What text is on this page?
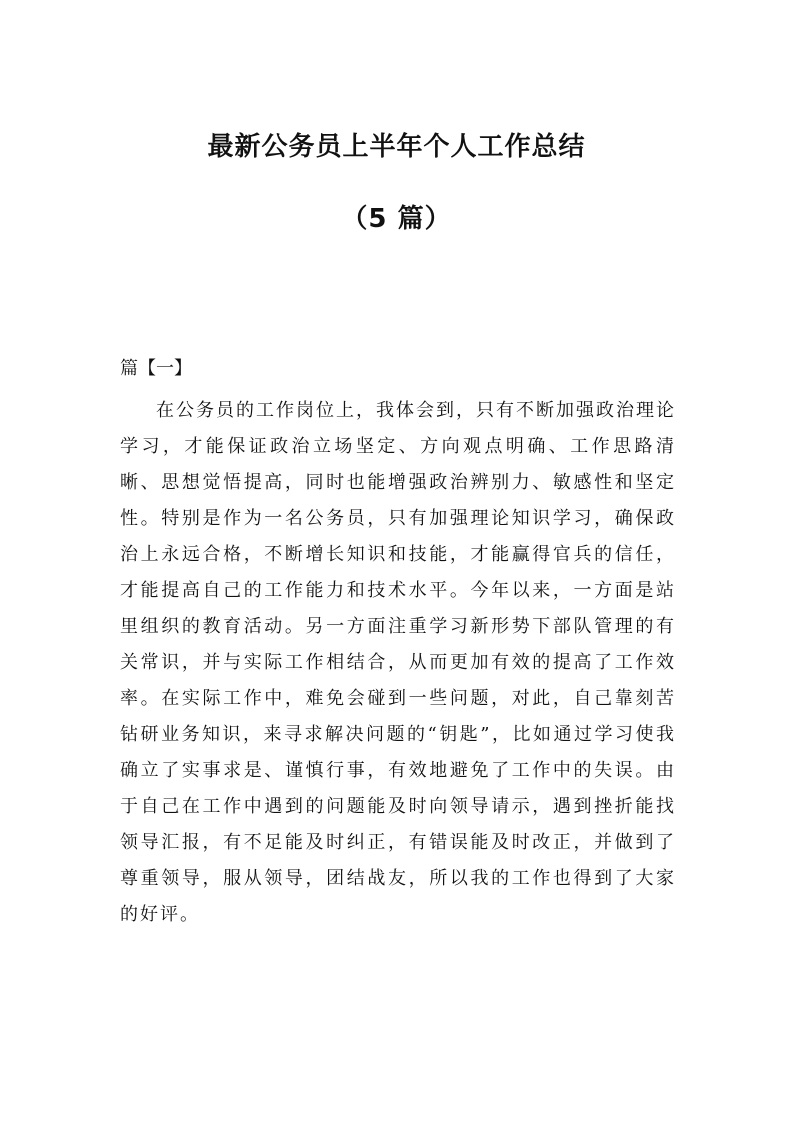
最新公务员上半年个人工作总结
（5 篇）

篇【一】

在公务员的工作岗位上，我体会到，只有不断加强政治理论学习，才能保证政治立场坚定、方向观点明确、工作思路清晰、思想觉悟提高，同时也能增强政治辨别力、敏感性和坚定性。特别是作为一名公务员，只有加强理论知识学习，确保政治上永远合格，不断增长知识和技能，才能赢得官兵的信任，才能提高自己的工作能力和技术水平。今年以来，一方面是站里组织的教育活动。另一方面注重学习新形势下部队管理的有关常识，并与实际工作相结合，从而更加有效的提高了工作效率。在实际工作中，难免会碰到一些问题，对此，自己靠刻苦钻研业务知识，来寻求解决问题的“钥匙”，比如通过学习使我确立了实事求是、谨慎行事，有效地避免了工作中的失误。由于自己在工作中遇到的问题能及时向领导请示，遇到挫折能找领导汇报，有不足能及时纠正，有错误能及时改正，并做到了尊重领导，服从领导，团结战友，所以我的工作也得到了大家的好评。
